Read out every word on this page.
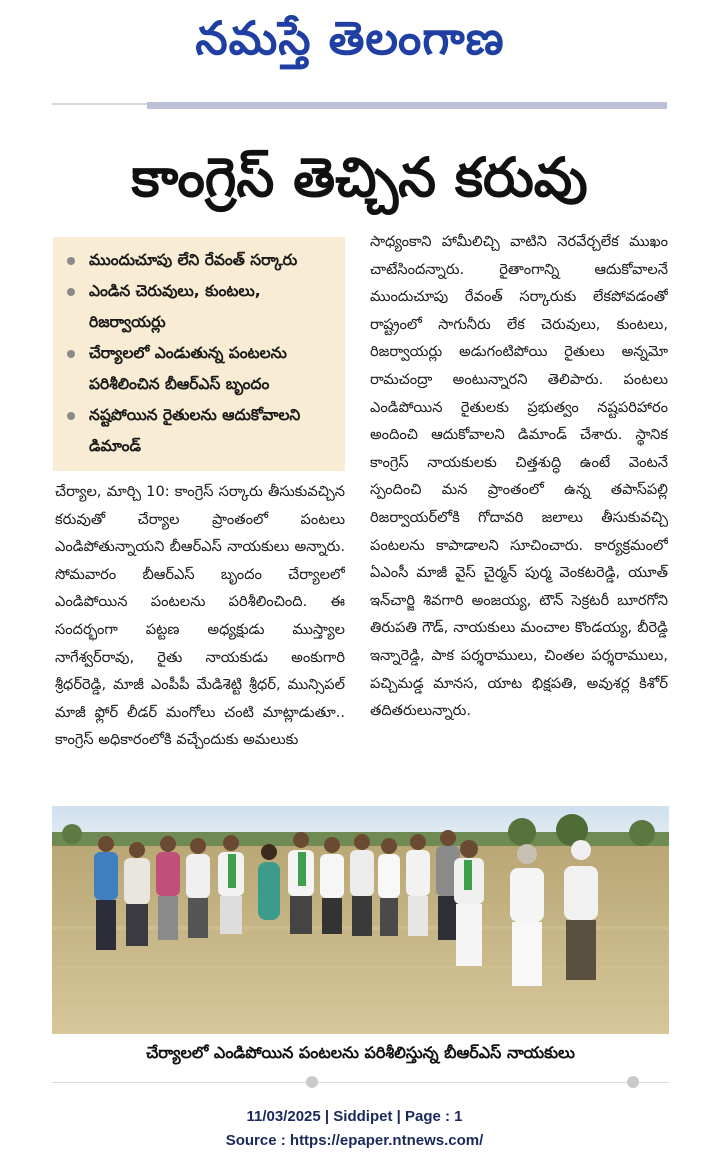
నమస్తే తెలంగాణ
కాంగ్రెస్ తెచ్చిన కరువు
ముందుచూపు లేని రేవంత్ సర్కారు
ఎండిన చెరువులు, కుంటలు, రిజర్వాయర్లు
చేర్యాలలో ఎండుతున్న పంటలను పరిశీలించిన బీఆర్ఎస్ బృందం
నష్టపోయిన రైతులను ఆదుకోవాలని డిమాండ్
చేర్యాల, మార్చి 10: కాంగ్రెస్ సర్కారు తీసుకువచ్చిన కరువుతో చేర్యాల ప్రాంతంలో పంటలు ఎండిపోతున్నాయని బీఆర్ఎస్ నాయకులు అన్నారు. సోమవారం బీఆర్ఎస్ బృందం చేర్యాలలో ఎండిపోయిన పంటలను పరిశీలించింది. ఈ సందర్భంగా పట్టణ అధ్యక్షుడు ముస్త్యాల నాగేశ్వర్‌రావు, రైతు నాయకుడు అంకుగారి శ్రీధర్‌రెడ్డి, మాజీ ఎంపీపీ మేడిశెట్టి శ్రీధర్, మున్సిపల్ మాజీ ఫ్లోర్ లీడర్ మంగోలు చంటి మాట్లాడుతూ.. కాంగ్రెస్ అధికారంలోకి వచ్చేందుకు అమలుకు
సాధ్యంకాని హామీలిచ్చి వాటిని నెరవేర్చలేక ముఖం చాటేసిందన్నారు. రైతాంగాన్ని ఆదుకోవాలనే ముందుచూపు రేవంత్ సర్కారుకు లేకపోవడంతో రాష్ట్రంలో సాగునీరు లేక చెరువులు, కుంటలు, రిజర్వాయర్లు అడుగంటిపోయి రైతులు అన్నమో రామచంద్రా అంటున్నారని తెలిపారు. పంటలు ఎండిపోయిన రైతులకు ప్రభుత్వం నష్టపరిహారం అందించి ఆదుకోవాలని డిమాండ్ చేశారు. స్థానిక కాంగ్రెస్ నాయకులకు చిత్తశుద్ధి ఉంటే వెంటనే స్పందించి మన ప్రాంతంలో ఉన్న తపాస్‌పల్లి రిజర్వాయర్‌లోకి గోదావరి జలాలు తీసుకువచ్చి పంటలను కాపాడాలని సూచించారు. కార్యక్రమంలో ఏఎంసీ మాజీ వైస్ చైర్మన్ పుర్మ వెంకటరెడ్డి, యూత్ ఇన్‌చార్జి శివగారి అంజయ్య, టౌన్ సెక్రటరీ బూరగోని తిరుపతి గౌడ్, నాయకులు మంచాల కొండయ్య, బీరెడ్డి ఇన్నారెడ్డి, పాక పర్శరాములు, చింతల పర్శరాములు, పచ్చిమడ్డ మానస, యాట భిక్షపతి, అవుశర్ల కిశోర్ తదితరులున్నారు.
చేర్యాలలో ఎండిపోయిన పంటలను పరిశీలిస్తున్న బీఆర్ఎస్ నాయకులు
11/03/2025 | Siddipet | Page : 1
Source : https://epaper.ntnews.com/
